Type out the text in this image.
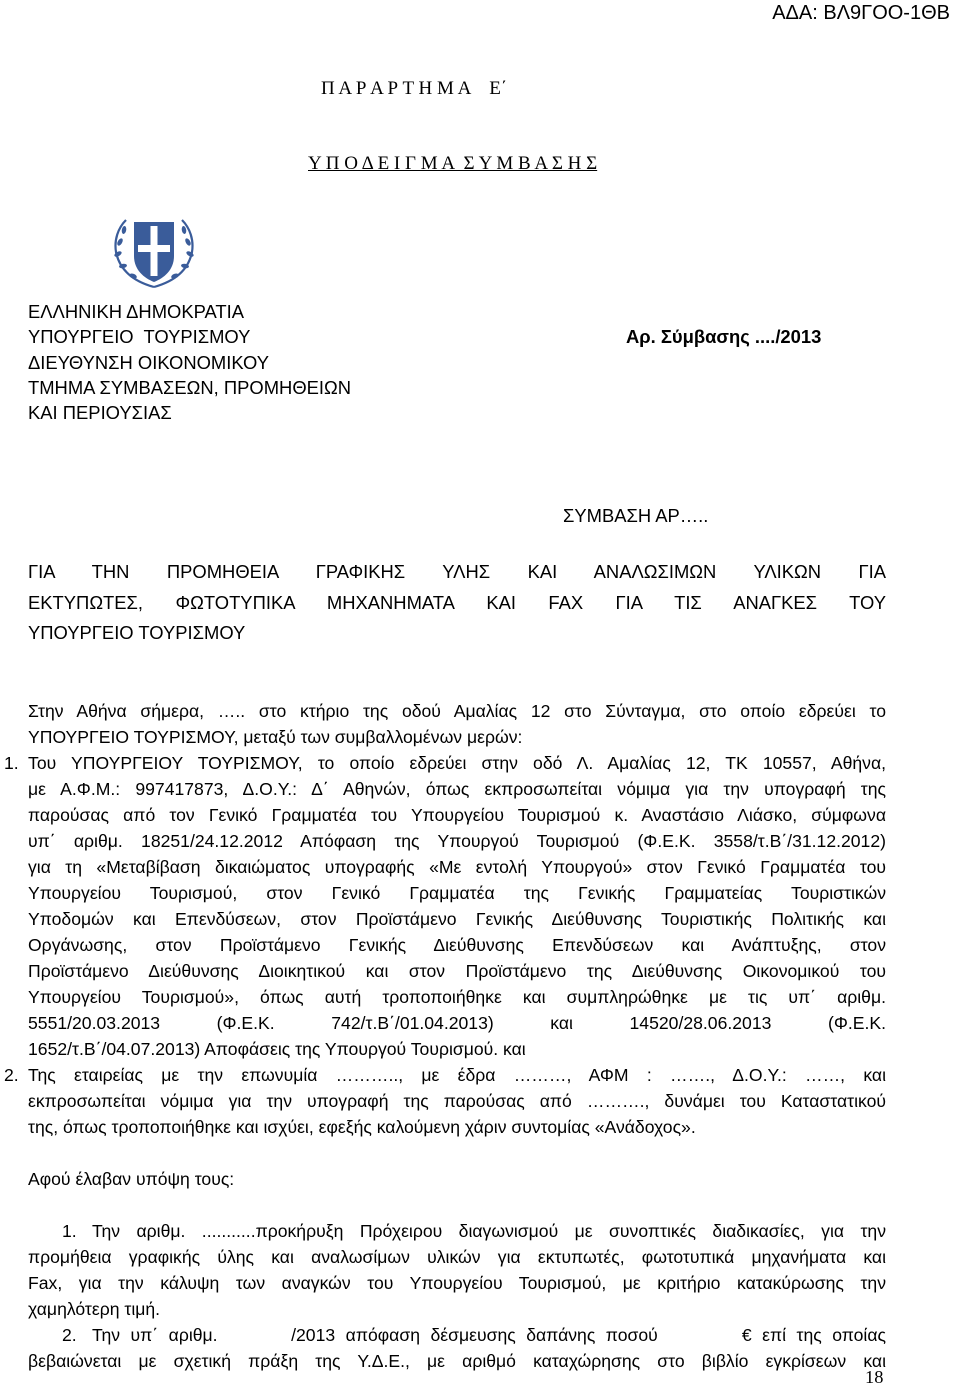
ΑΔΑ: ΒΛ9ΓΟΟ-1ΘΒ
Π Α Ρ Α Ρ Τ Η Μ Α    Ε΄
Υ Π Ο Δ Ε Ι Γ Μ Α  Σ Υ Μ Β Α Σ Η Σ
ΕΛΛΗΝΙΚΗ ΔΗΜΟΚΡΑΤΙΑ
ΥΠΟΥΡΓΕΙΟ  ΤΟΥΡΙΣΜΟΥ
ΔΙΕΥΘΥΝΣΗ ΟΙΚΟΝΟΜΙΚΟΥ
ΤΜΗΜΑ ΣΥΜΒΑΣΕΩΝ, ΠΡΟΜΗΘΕΙΩΝ
ΚΑΙ ΠΕΡΙΟΥΣΙΑΣ
Αρ. Σύμβασης ..../2013
ΣΥΜΒΑΣΗ ΑΡ…..
ΓΙΑ ΤΗΝ ΠΡΟΜΗΘΕΙΑ ΓΡΑΦΙΚΗΣ ΥΛΗΣ ΚΑΙ ΑΝΑΛΩΣΙΜΩΝ ΥΛΙΚΩΝ ΓΙΑ
ΕΚΤΥΠΩΤΕΣ, ΦΩΤΟΤΥΠΙΚΑ ΜΗΧΑΝΗΜΑΤΑ ΚΑΙ FAX ΓΙΑ ΤΙΣ ΑΝΑΓΚΕΣ ΤΟΥ
ΥΠΟΥΡΓΕΙΟ ΤΟΥΡΙΣΜΟΥ
Στην Αθήνα σήμερα, ….. στο κτήριο της οδού Αμαλίας 12 στο Σύνταγμα, στο οποίο εδρεύει το
ΥΠΟΥΡΓΕΙΟ ΤΟΥΡΙΣΜΟΥ, μεταξύ των συμβαλλομένων μερών:
1. Του ΥΠΟΥΡΓΕΙΟΥ ΤΟΥΡΙΣΜΟΥ, το οποίο εδρεύει στην οδό Λ. Αμαλίας 12, ΤΚ 10557, Αθήνα,
με Α.Φ.Μ.: 997417873, Δ.Ο.Υ.: Δ΄ Αθηνών, όπως εκπροσωπείται νόμιμα για την υπογραφή της
παρούσας από τον Γενικό Γραμματέα του Υπουργείου Τουρισμού κ. Αναστάσιο Λιάσκο, σύμφωνα
υπ΄ αριθμ. 18251/24.12.2012 Απόφαση της Υπουργού Τουρισμού (Φ.Ε.Κ. 3558/τ.Β΄/31.12.2012)
για τη «Μεταβίβαση δικαιώματος υπογραφής «Με εντολή Υπουργού» στον Γενικό Γραμματέα του
Υπουργείου Τουρισμού, στον Γενικό Γραμματέα της Γενικής Γραμματείας Τουριστικών
Υποδομών και Επενδύσεων, στον Προϊστάμενο Γενικής Διεύθυνσης Τουριστικής Πολιτικής και
Οργάνωσης, στον Προϊστάμενο Γενικής Διεύθυνσης Επενδύσεων και Ανάπτυξης, στον
Προϊστάμενο Διεύθυνσης Διοικητικού και στον Προϊστάμενο της Διεύθυνσης Οικονομικού του
Υπουργείου Τουρισμού», όπως αυτή τροποποιήθηκε και συμπληρώθηκε με τις υπ΄ αριθμ.
5551/20.03.2013 (Φ.Ε.Κ. 742/τ.Β΄/01.04.2013) και 14520/28.06.2013 (Φ.Ε.Κ.
1652/τ.Β΄/04.07.2013) Αποφάσεις της Υπουργού Τουρισμού. και
2. Της εταιρείας με την επωνυμία ……….., με έδρα ………, ΑΦΜ : ……., Δ.Ο.Υ.: ……, και
εκπροσωπείται νόμιμα για την υπογραφή της παρούσας από ………., δυνάμει του Καταστατικού
της, όπως τροποποιήθηκε και ισχύει, εφεξής καλούμενη χάριν συντομίας «Ανάδοχος».
Αφού έλαβαν υπόψη τους:
1. Την αριθμ. ...........προκήρυξη Πρόχειρου διαγωνισμού με συνοπτικές διαδικασίες, για την
προμήθεια γραφικής ύλης και αναλωσίμων υλικών για εκτυπωτές, φωτοτυπικά μηχανήματα και
Fax, για την κάλυψη των αναγκών του Υπουργείου Τουρισμού, με κριτήριο κατακύρωσης την
χαμηλότερη τιμή.
2. Την υπ΄ αριθμ.       /2013 απόφαση δέσμευσης δαπάνης ποσού        € επί της οποίας
βεβαιώνεται με σχετική πράξη της Υ.Δ.Ε., με αριθμό καταχώρησης στο βιβλίο εγκρίσεων και
18
